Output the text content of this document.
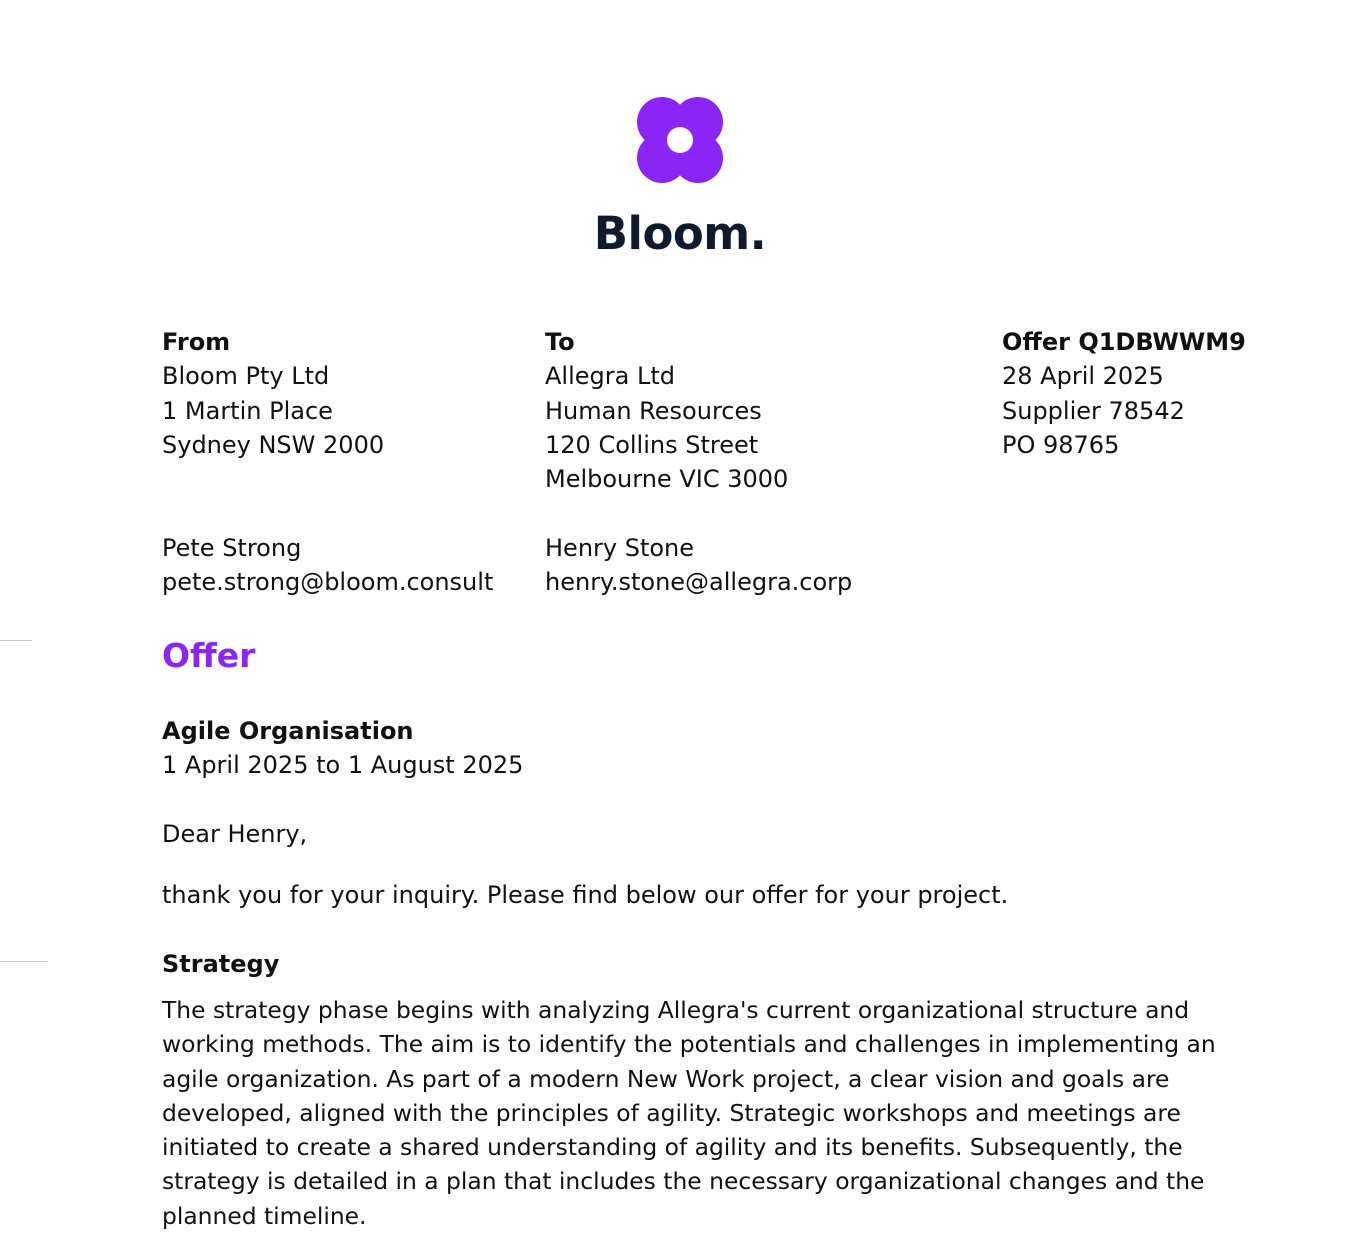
Bloom.
From
Bloom Pty Ltd
1 Martin Place
Sydney NSW 2000
Pete Strong
pete.strong@bloom.consult
To
Allegra Ltd
Human Resources
120 Collins Street
Melbourne VIC 3000
Henry Stone
henry.stone@allegra.corp
Offer Q1DBWWM9
28 April 2025
Supplier 78542
PO 98765
Offer
Agile Organisation
1 April 2025 to 1 August 2025
Dear Henry,
thank you for your inquiry. Please find below our offer for your project.
Strategy
The strategy phase begins with analyzing Allegra's current organizational structure and working methods. The aim is to identify the potentials and challenges in implementing an agile organization. As part of a modern New Work project, a clear vision and goals are developed, aligned with the principles of agility. Strategic workshops and meetings are initiated to create a shared understanding of agility and its benefits. Subsequently, the strategy is detailed in a plan that includes the necessary organizational changes and the planned timeline.
